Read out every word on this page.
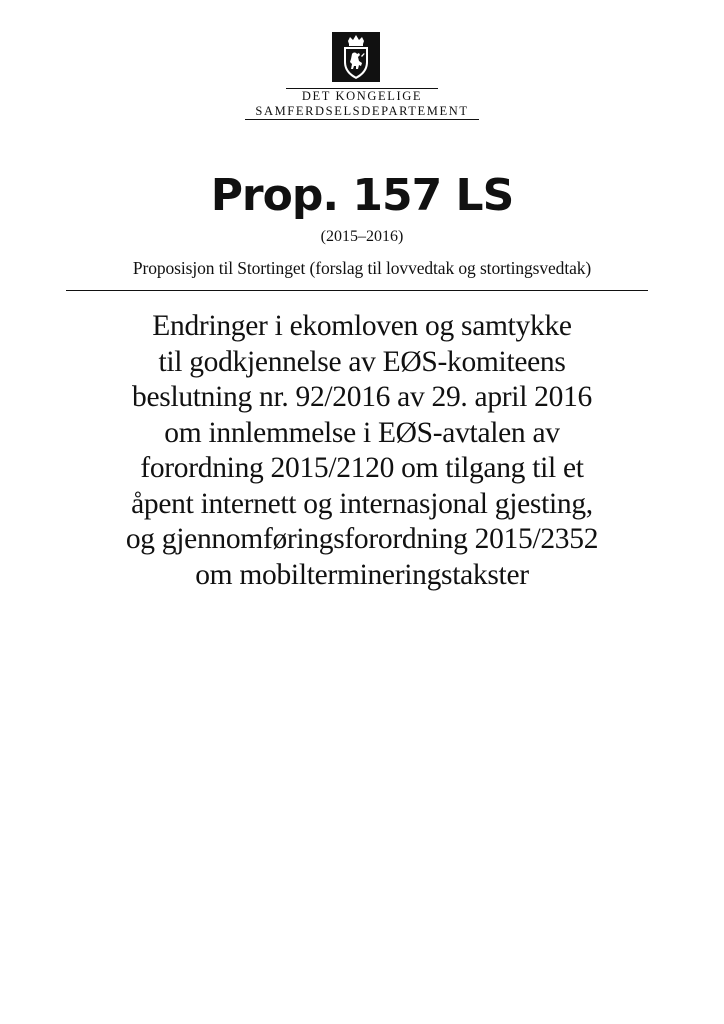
DET KONGELIGE
SAMFERDSELSDEPARTEMENT
Prop. 157 LS
(2015–2016)
Proposisjon til Stortinget (forslag til lovvedtak og stortingsvedtak)
Endringer i ekomloven og samtykke
til godkjennelse av EØS-komiteens
beslutning nr. 92/2016 av 29. april 2016
om innlemmelse i EØS-avtalen av
forordning 2015/2120 om tilgang til et
åpent internett og internasjonal gjesting,
og gjennomføringsforordning 2015/2352
om mobiltermineringstakster
